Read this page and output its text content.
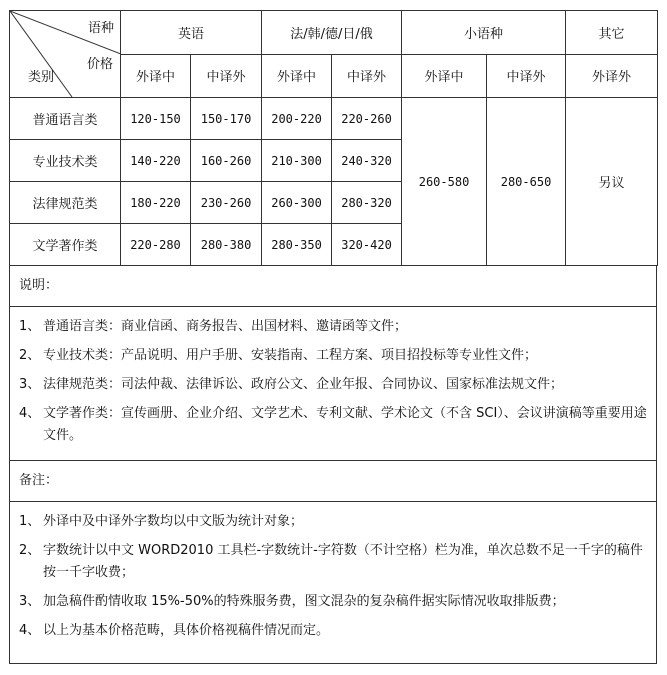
语种
价格
类别	英语		法/韩/德/日/俄		小语种		其它
	外译中	中译外	外译中	中译外	外译中	中译外	外译外
普通语言类	120-150	150-170	200-220	220-260	260-580	280-650	另议
专业技术类	140-220	160-260	210-300	240-320			
法律规范类	180-220	230-260	260-300	280-320			
文学著作类	220-280	280-380	280-350	320-420			
说明：
1、 普通语言类：商业信函、商务报告、出国材料、邀请函等文件；
2、 专业技术类：产品说明、用户手册、安装指南、工程方案、项目招投标等专业性文件；
3、 法律规范类：司法仲裁、法律诉讼、政府公文、企业年报、合同协议、国家标准法规文件；
4、 文学著作类：宣传画册、企业介绍、文学艺术、专利文献、学术论文（不含 SCI）、会议讲演稿等重要用途文件。
备注：
1、 外译中及中译外字数均以中文版为统计对象；
2、 字数统计以中文 WORD2010 工具栏-字数统计-字符数（不计空格）栏为准，单次总数不足一千字的稿件按一千字收费；
3、 加急稿件酌情收取 15%-50%的特殊服务费，图文混杂的复杂稿件据实际情况收取排版费；
4、 以上为基本价格范畴，具体价格视稿件情况而定。
